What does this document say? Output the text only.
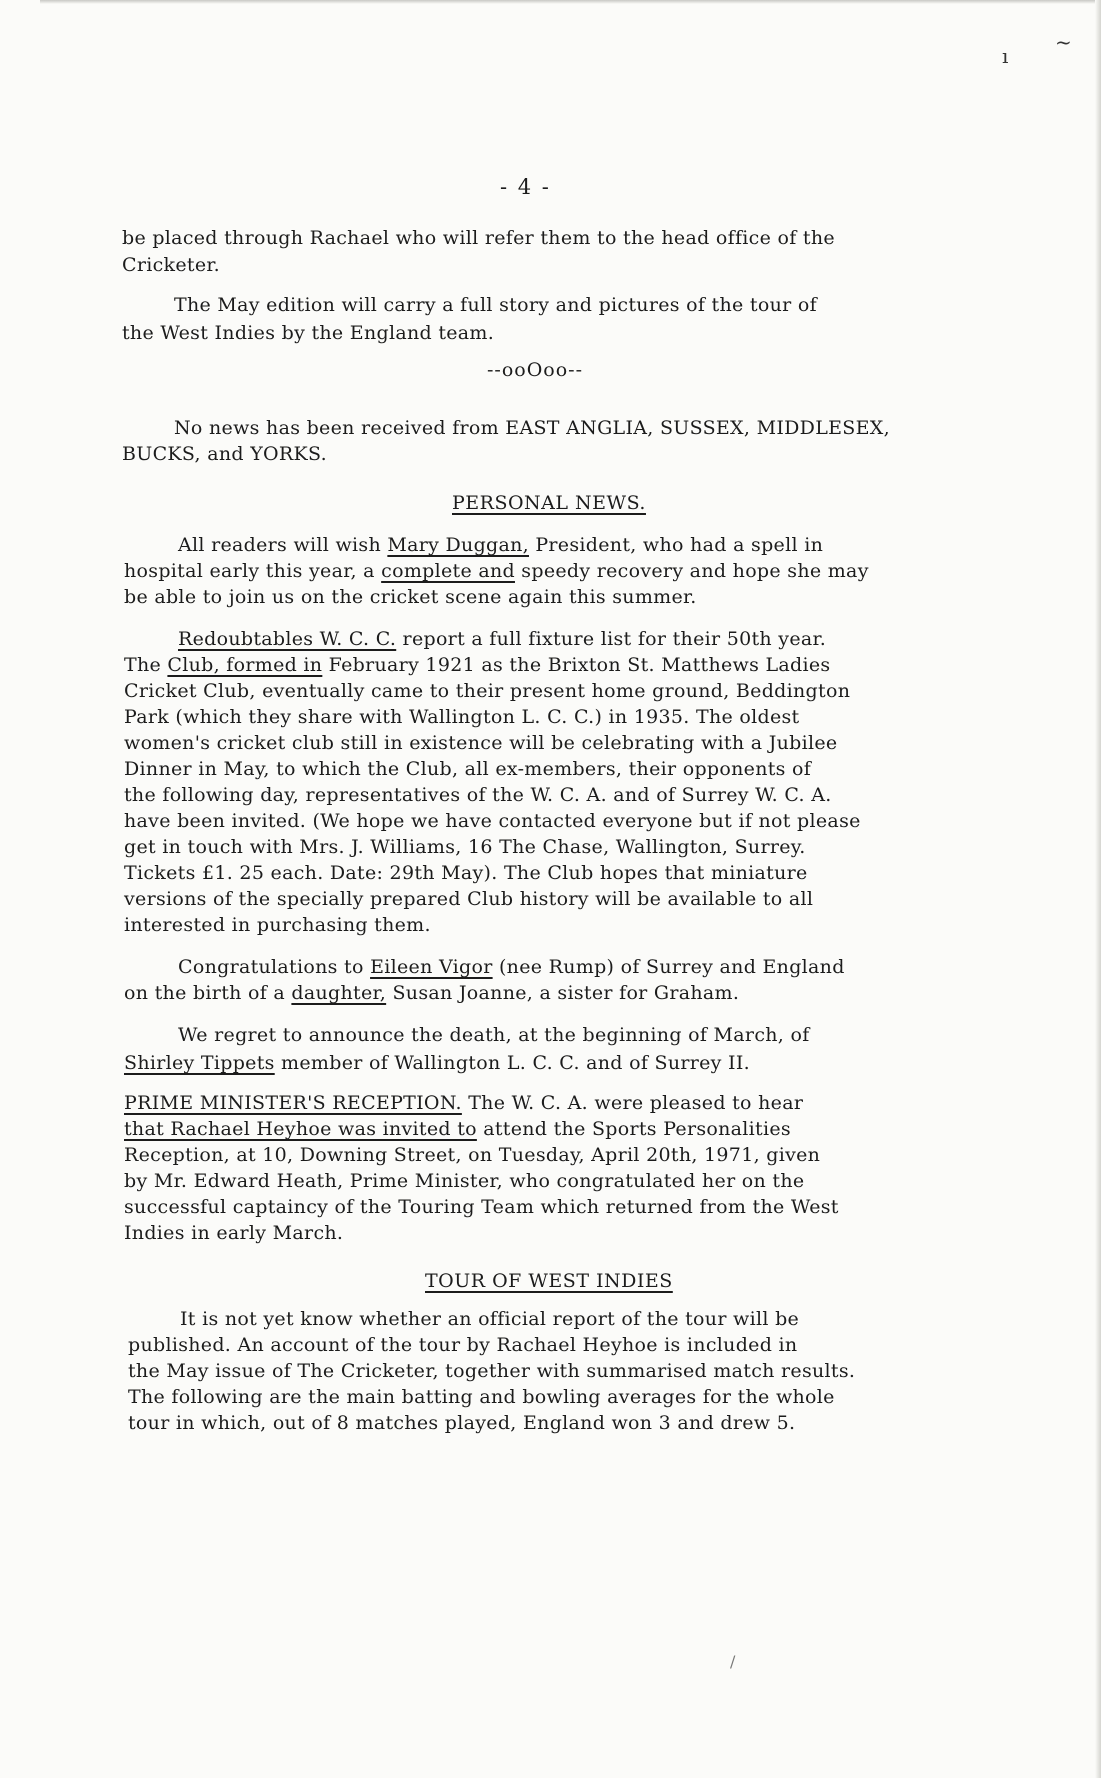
ı
~
/
- 4 -
be placed through Rachael who will refer them to the head office of the
Cricketer.
The May edition will carry a full story and pictures of the tour of
the West Indies by the England team.
--ooOoo--
No news has been received from EAST ANGLIA, SUSSEX, MIDDLESEX,
BUCKS, and YORKS.
PERSONAL NEWS.
All readers will wish Mary Duggan, President, who had a spell in
hospital early this year, a complete and speedy recovery and hope she may
be able to join us on the cricket scene again this summer.
Redoubtables W. C. C. report a full fixture list for their 50th year.
The Club, formed in February 1921 as the Brixton St. Matthews Ladies
Cricket Club, eventually came to their present home ground, Beddington
Park (which they share with Wallington L. C. C.) in 1935. The oldest
women's cricket club still in existence will be celebrating with a Jubilee
Dinner in May, to which the Club, all ex-members, their opponents of
the following day, representatives of the W. C. A. and of Surrey W. C. A.
have been invited. (We hope we have contacted everyone but if not please
get in touch with Mrs. J. Williams, 16 The Chase, Wallington, Surrey.
Tickets £1. 25 each. Date: 29th May). The Club hopes that miniature
versions of the specially prepared Club history will be available to all
interested in purchasing them.
Congratulations to Eileen Vigor (nee Rump) of Surrey and England
on the birth of a daughter, Susan Joanne, a sister for Graham.
We regret to announce the death, at the beginning of March, of
Shirley Tippets member of Wallington L. C. C. and of Surrey II.
PRIME MINISTER'S RECEPTION. The W. C. A. were pleased to hear
that Rachael Heyhoe was invited to attend the Sports Personalities
Reception, at 10, Downing Street, on Tuesday, April 20th, 1971, given
by Mr. Edward Heath, Prime Minister, who congratulated her on the
successful captaincy of the Touring Team which returned from the West
Indies in early March.
TOUR OF WEST INDIES
It is not yet know whether an official report of the tour will be
published. An account of the tour by Rachael Heyhoe is included in
the May issue of The Cricketer, together with summarised match results.
The following are the main batting and bowling averages for the whole
tour in which, out of 8 matches played, England won 3 and drew 5.
